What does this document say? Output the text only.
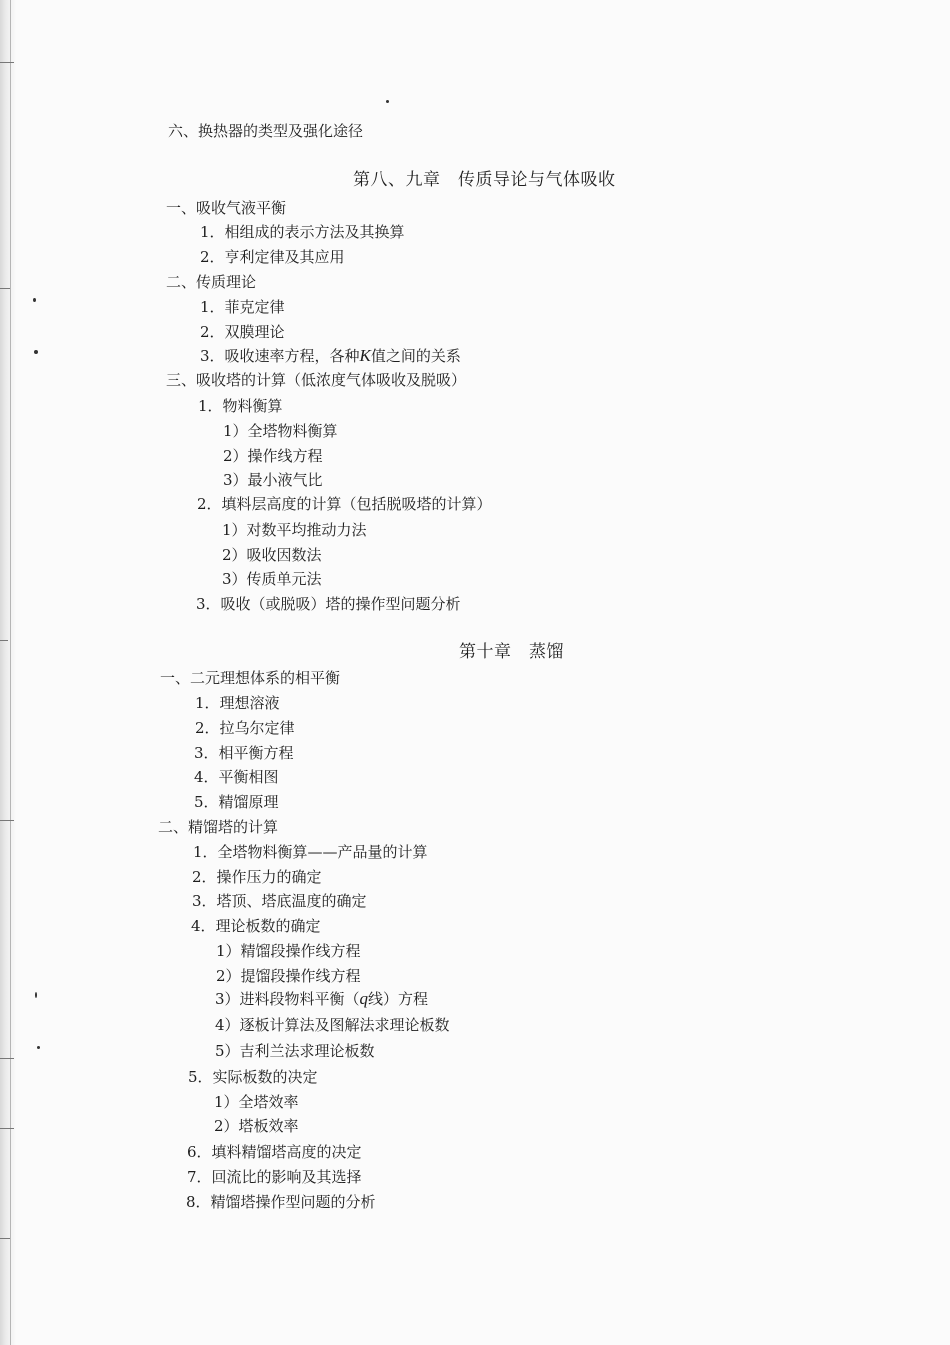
六、换热器的类型及强化途径
第八、九章　传质导论与气体吸收
一、吸收气液平衡
1．相组成的表示方法及其换算
2．亨利定律及其应用
二、传质理论
1．菲克定律
2．双膜理论
3．吸收速率方程，各种K值之间的关系
三、吸收塔的计算（低浓度气体吸收及脱吸）
1．物料衡算
1）全塔物料衡算
2）操作线方程
3）最小液气比
2．填料层高度的计算（包括脱吸塔的计算）
1）对数平均推动力法
2）吸收因数法
3）传质单元法
3．吸收（或脱吸）塔的操作型问题分析
第十章　蒸馏
一、二元理想体系的相平衡
1．理想溶液
2．拉乌尔定律
3．相平衡方程
4．平衡相图
5．精馏原理
二、精馏塔的计算
1．全塔物料衡算——产品量的计算
2．操作压力的确定
3．塔顶、塔底温度的确定
4．理论板数的确定
1）精馏段操作线方程
2）提馏段操作线方程
3）进料段物料平衡（q线）方程
4）逐板计算法及图解法求理论板数
5）吉利兰法求理论板数
5．实际板数的决定
1）全塔效率
2）塔板效率
6．填料精馏塔高度的决定
7．回流比的影响及其选择
8．精馏塔操作型问题的分析
